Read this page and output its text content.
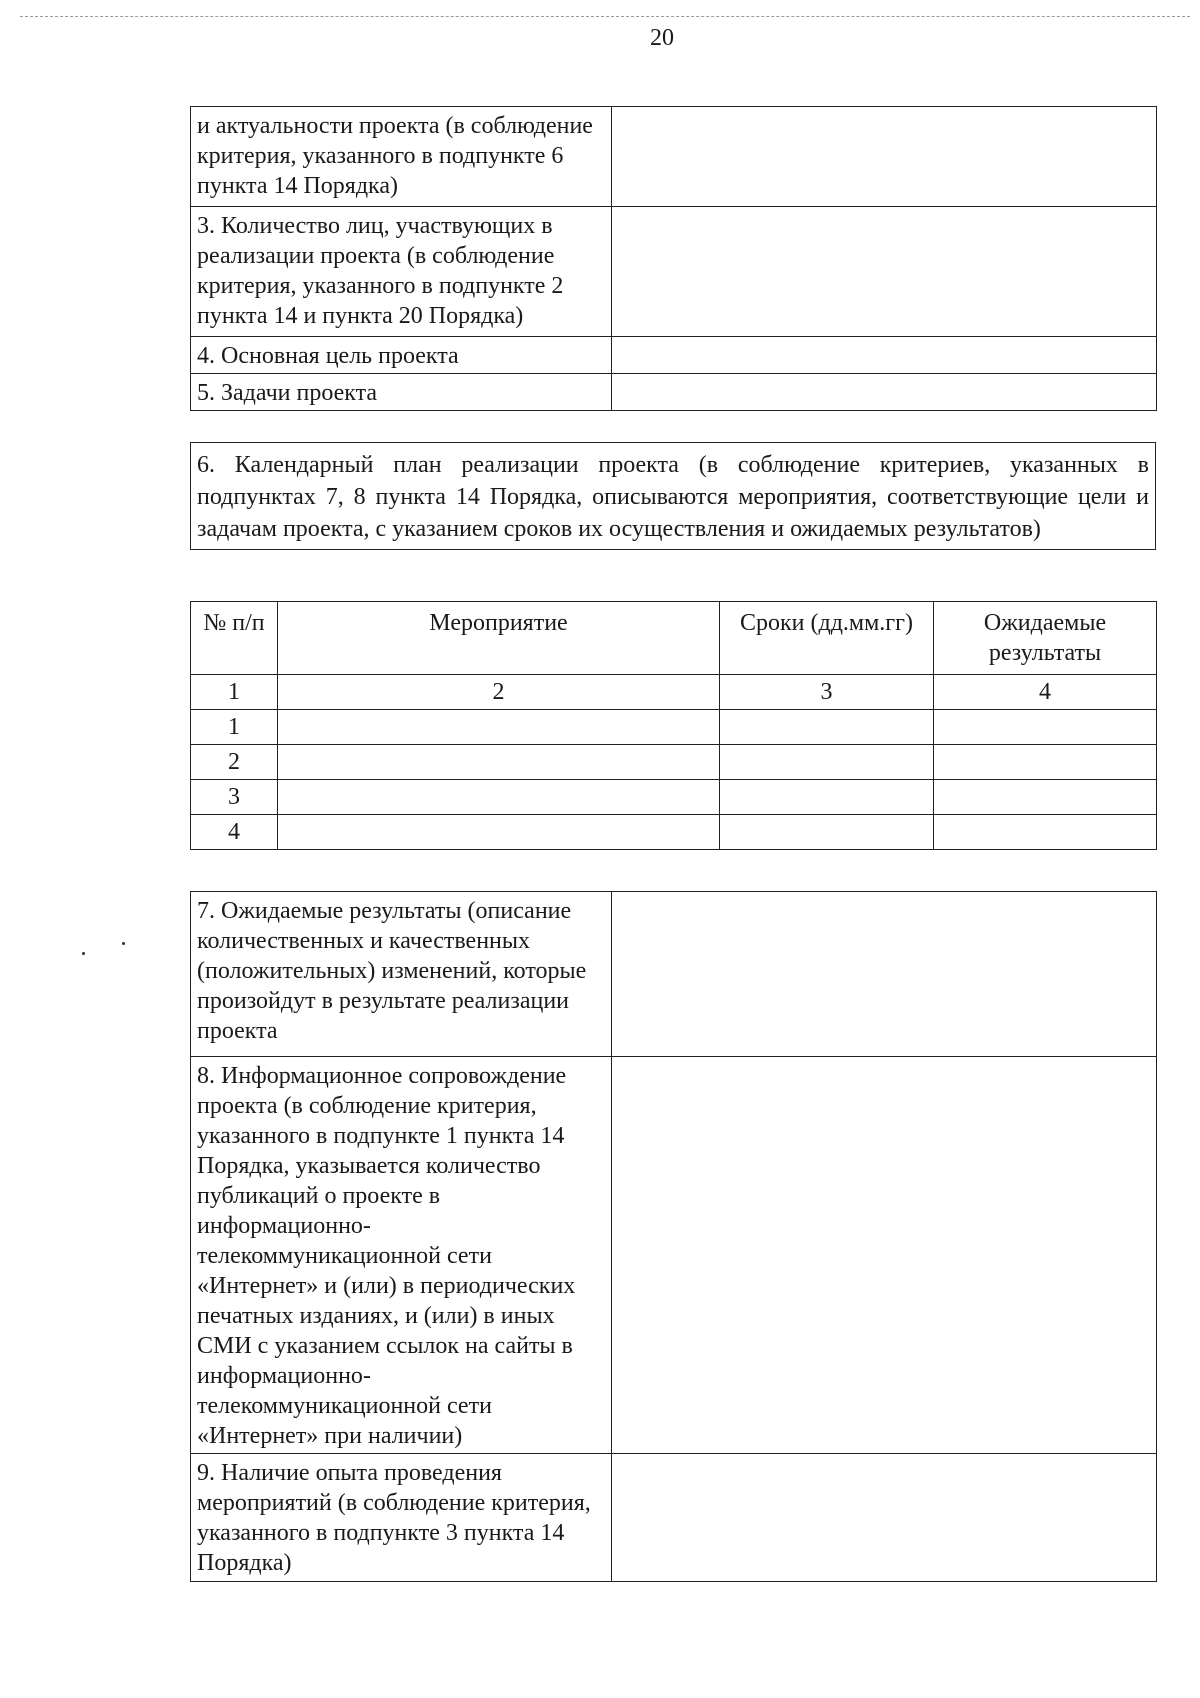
20
и актуальности проекта (в соблюдение критерия, указанного в подпункте 6 пункта 14 Порядка)	
3. Количество лиц, участвующих в реализации проекта (в соблюдение критерия, указанного в подпункте 2 пункта 14 и пункта 20 Порядка)	
4. Основная цель проекта	
5. Задачи проекта	
6. Календарный план реализации проекта (в соблюдение критериев, указанных в подпунктах 7, 8 пункта 14 Порядка, описываются мероприятия, соответствующие цели и задачам проекта, с указанием сроков их осуществления и ожидаемых результатов)
№ п/п	Мероприятие	Сроки (дд.мм.гг)	Ожидаемые результаты
1	2	3	4
1			
2			
3			
4			
7. Ожидаемые результаты (описание количественных и качественных (положительных) изменений, которые произойдут в результате реализации проекта	
8. Информационное сопровождение проекта (в соблюдение критерия, указанного в подпункте 1 пункта 14 Порядка, указывается количество публикаций о проекте в информационно-телекоммуникационной сети «Интернет» и (или) в периодических печатных изданиях, и (или) в иных СМИ с указанием ссылок на сайты в информационно-телекоммуникационной сети «Интернет» при наличии)	
9. Наличие опыта проведения мероприятий (в соблюдение критерия, указанного в подпункте 3 пункта 14 Порядка)	
